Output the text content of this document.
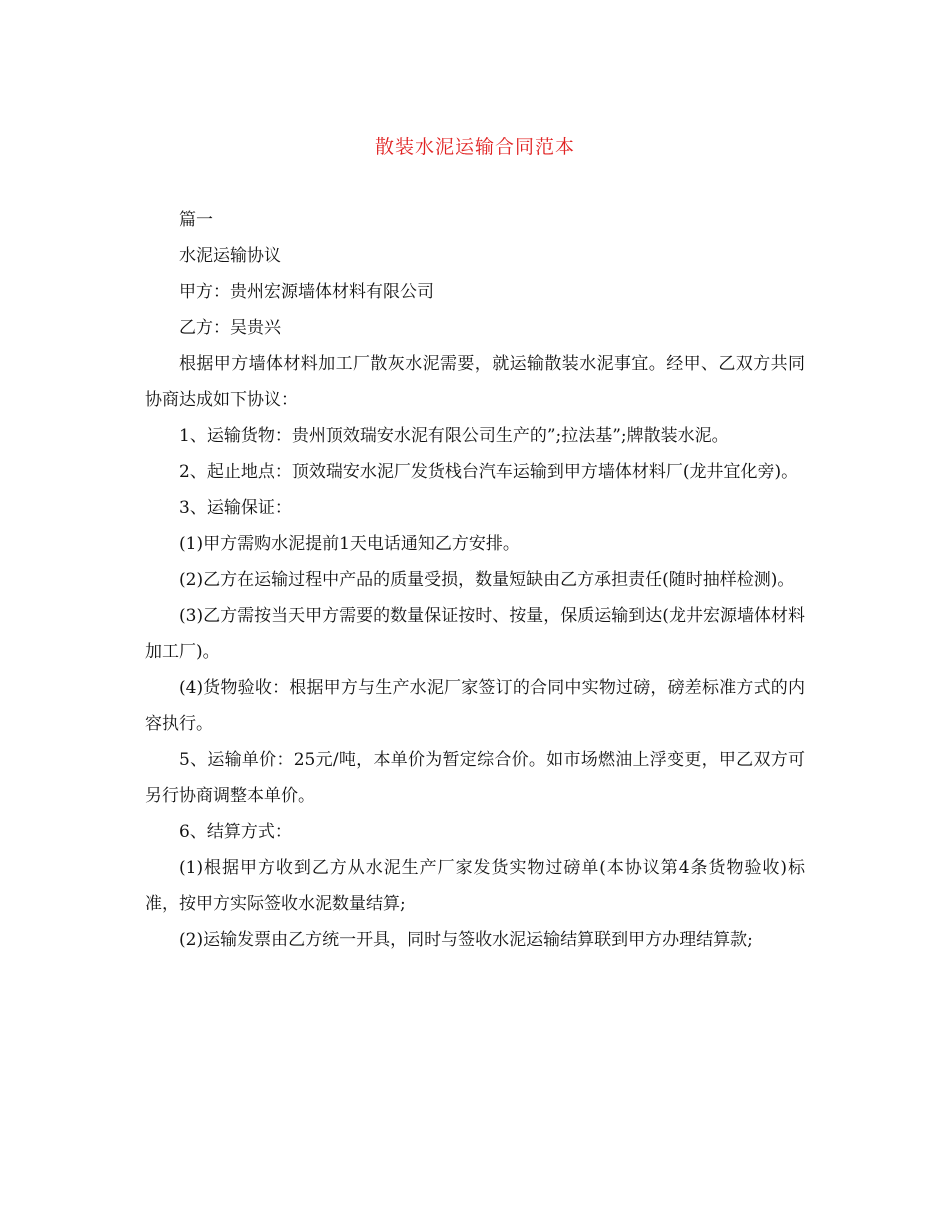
散装水泥运输合同范本

篇一

水泥运输协议

甲方：贵州宏源墙体材料有限公司

乙方：吴贵兴

根据甲方墙体材料加工厂散灰水泥需要，就运输散装水泥事宜。经甲、乙双方共同协商达成如下协议：

1、运输货物：贵州顶效瑞安水泥有限公司生产的”;拉法基”;牌散装水泥。

2、起止地点：顶效瑞安水泥厂发货栈台汽车运输到甲方墙体材料厂(龙井宜化旁)。

3、运输保证：

(1)甲方需购水泥提前1天电话通知乙方安排。

(2)乙方在运输过程中产品的质量受损，数量短缺由乙方承担责任(随时抽样检测)。

(3)乙方需按当天甲方需要的数量保证按时、按量，保质运输到达(龙井宏源墙体材料加工厂)。

(4)货物验收：根据甲方与生产水泥厂家签订的合同中实物过磅，磅差标准方式的内容执行。

5、运输单价：25元/吨，本单价为暂定综合价。如市场燃油上浮变更，甲乙双方可另行协商调整本单价。

6、结算方式：

(1)根据甲方收到乙方从水泥生产厂家发货实物过磅单(本协议第4条货物验收)标准，按甲方实际签收水泥数量结算;

(2)运输发票由乙方统一开具，同时与签收水泥运输结算联到甲方办理结算款;
